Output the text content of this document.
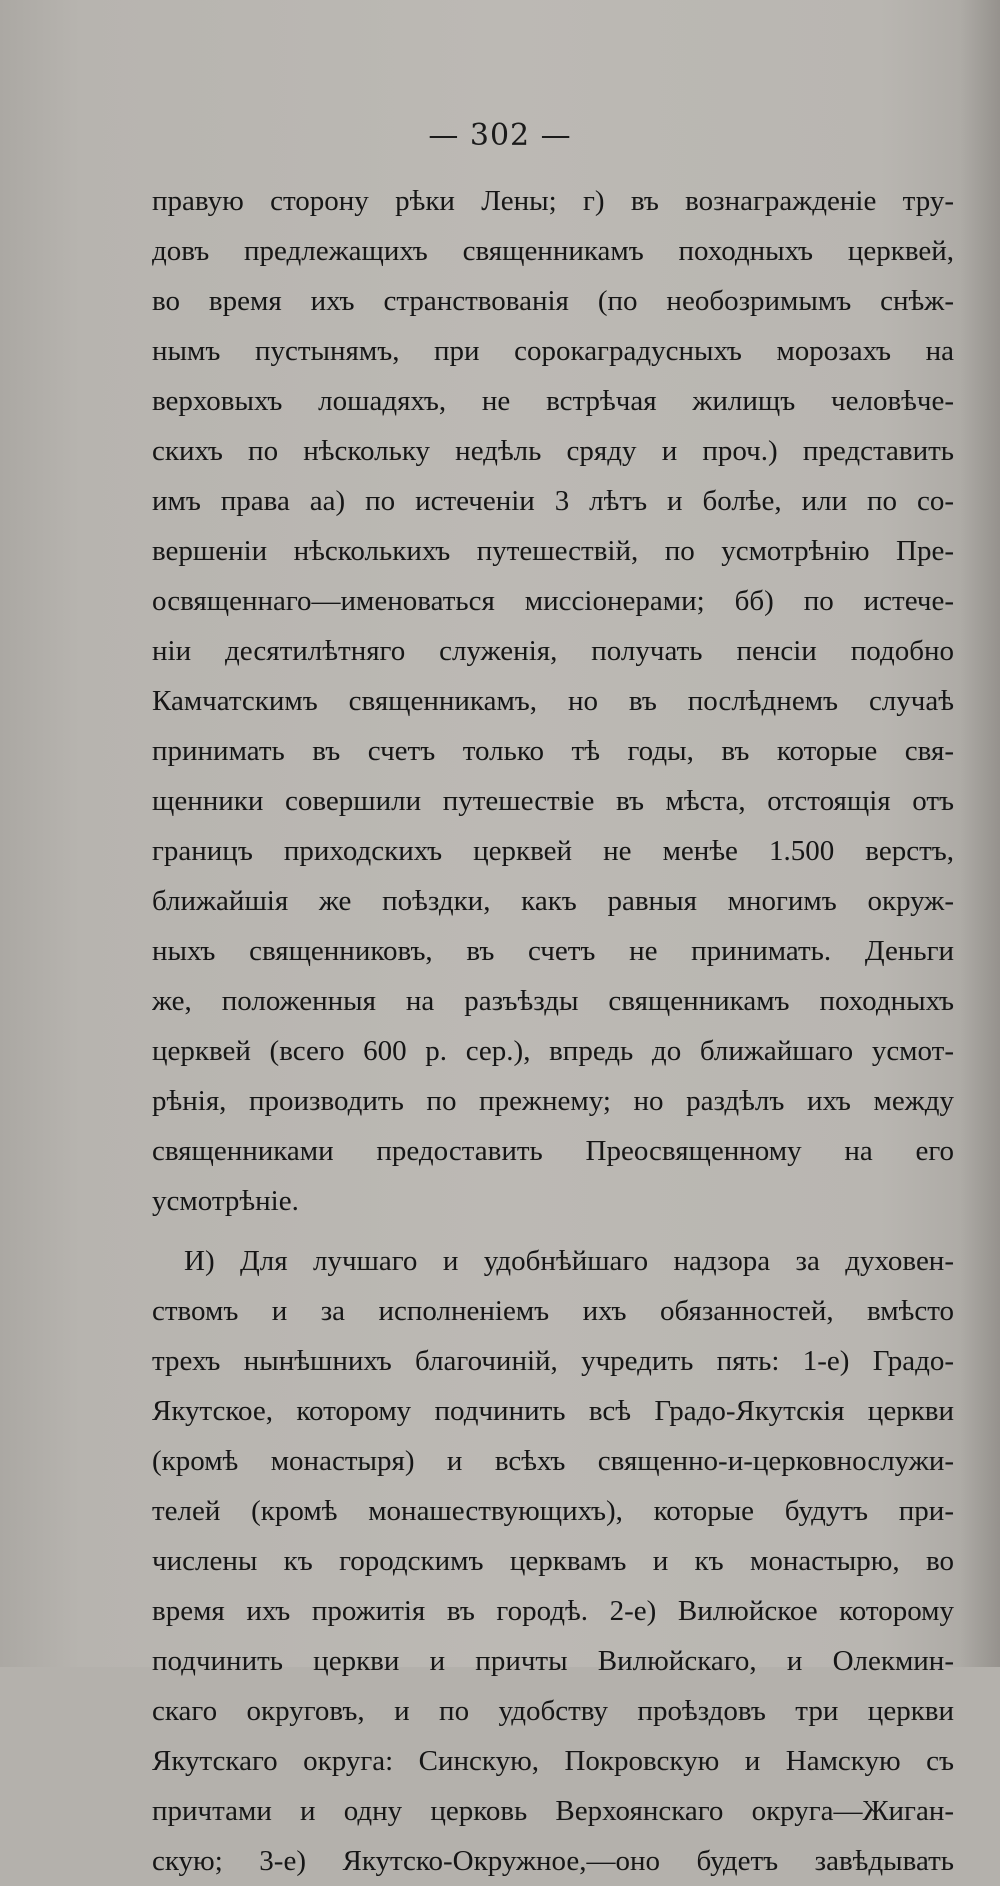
— 302 —
правую сторону рѣки Лены; г) въ вознагражденіе тру-
довъ предлежащихъ священникамъ походныхъ церквей,
во время ихъ странствованія (по необозримымъ снѣж-
нымъ пустынямъ, при сорокаградусныхъ морозахъ на
верховыхъ лошадяхъ, не встрѣчая жилищъ человѣче-
скихъ по нѣскольку недѣль сряду и проч.) представить
имъ права аа) по истеченіи 3 лѣтъ и болѣе, или по со-
вершеніи нѣсколькихъ путешествій, по усмотрѣнію Пре-
освященнаго—именоваться миссіонерами; бб) по истече-
ніи десятилѣтняго служенія, получать пенсіи подобно
Камчатскимъ священникамъ, но въ послѣднемъ случаѣ
принимать въ счетъ только тѣ годы, въ которые свя-
щенники совершили путешествіе въ мѣста, отстоящія отъ
границъ приходскихъ церквей не менѣе 1.500 верстъ,
ближайшія же поѣздки, какъ равныя многимъ окруж-
ныхъ священниковъ, въ счетъ не принимать. Деньги
же, положенныя на разъѣзды священникамъ походныхъ
церквей (всего 600 р. сер.), впредь до ближайшаго усмот-
рѣнія, производить по прежнему; но раздѣлъ ихъ между
священниками предоставить Преосвященному на его
усмотрѣніе.
И) Для лучшаго и удобнѣйшаго надзора за духовен-
ствомъ и за исполненіемъ ихъ обязанностей, вмѣсто
трехъ нынѣшнихъ благочиній, учредить пять: 1-е) Градо-
Якутское, которому подчинить всѣ Градо-Якутскія церкви
(кромѣ монастыря) и всѣхъ священно-и-церковнослужи-
телей (кромѣ монашествующихъ), которые будутъ при-
числены къ городскимъ церквамъ и къ монастырю, во
время ихъ прожитія въ городѣ. 2-е) Вилюйское которому
подчинить церкви и причты Вилюйскаго, и Олекмин-
скаго округовъ, и по удобству проѣздовъ три церкви
Якутскаго округа: Синскую, Покровскую и Намскую съ
причтами и одну церковь Верхоянскаго округа—Жиган-
скую; 3-е) Якутско-Окружное,—оно будетъ завѣдывать
